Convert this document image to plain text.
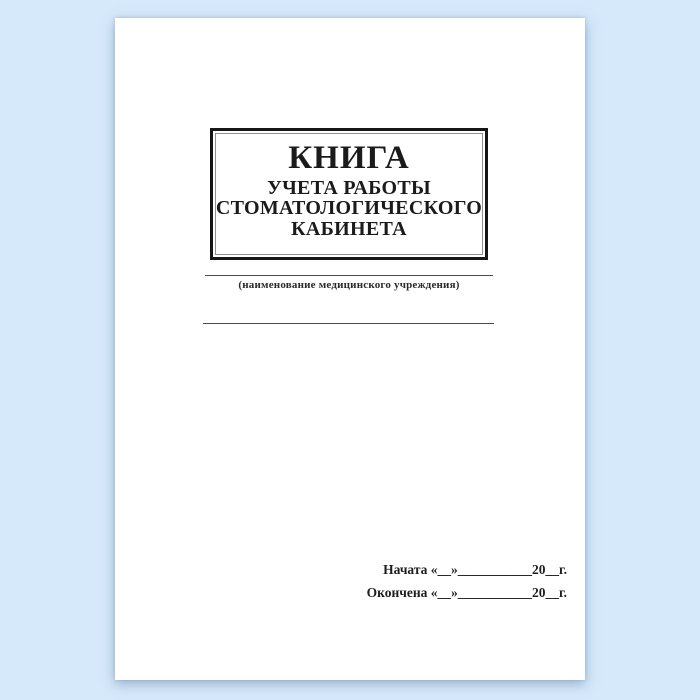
КНИГА
УЧЕТА РАБОТЫ
СТОМАТОЛОГИЧЕСКОГО
КАБИНЕТА
(наименование медицинского учреждения)
Начата «__»___________20__г.
Окончена «__»___________20__г.
